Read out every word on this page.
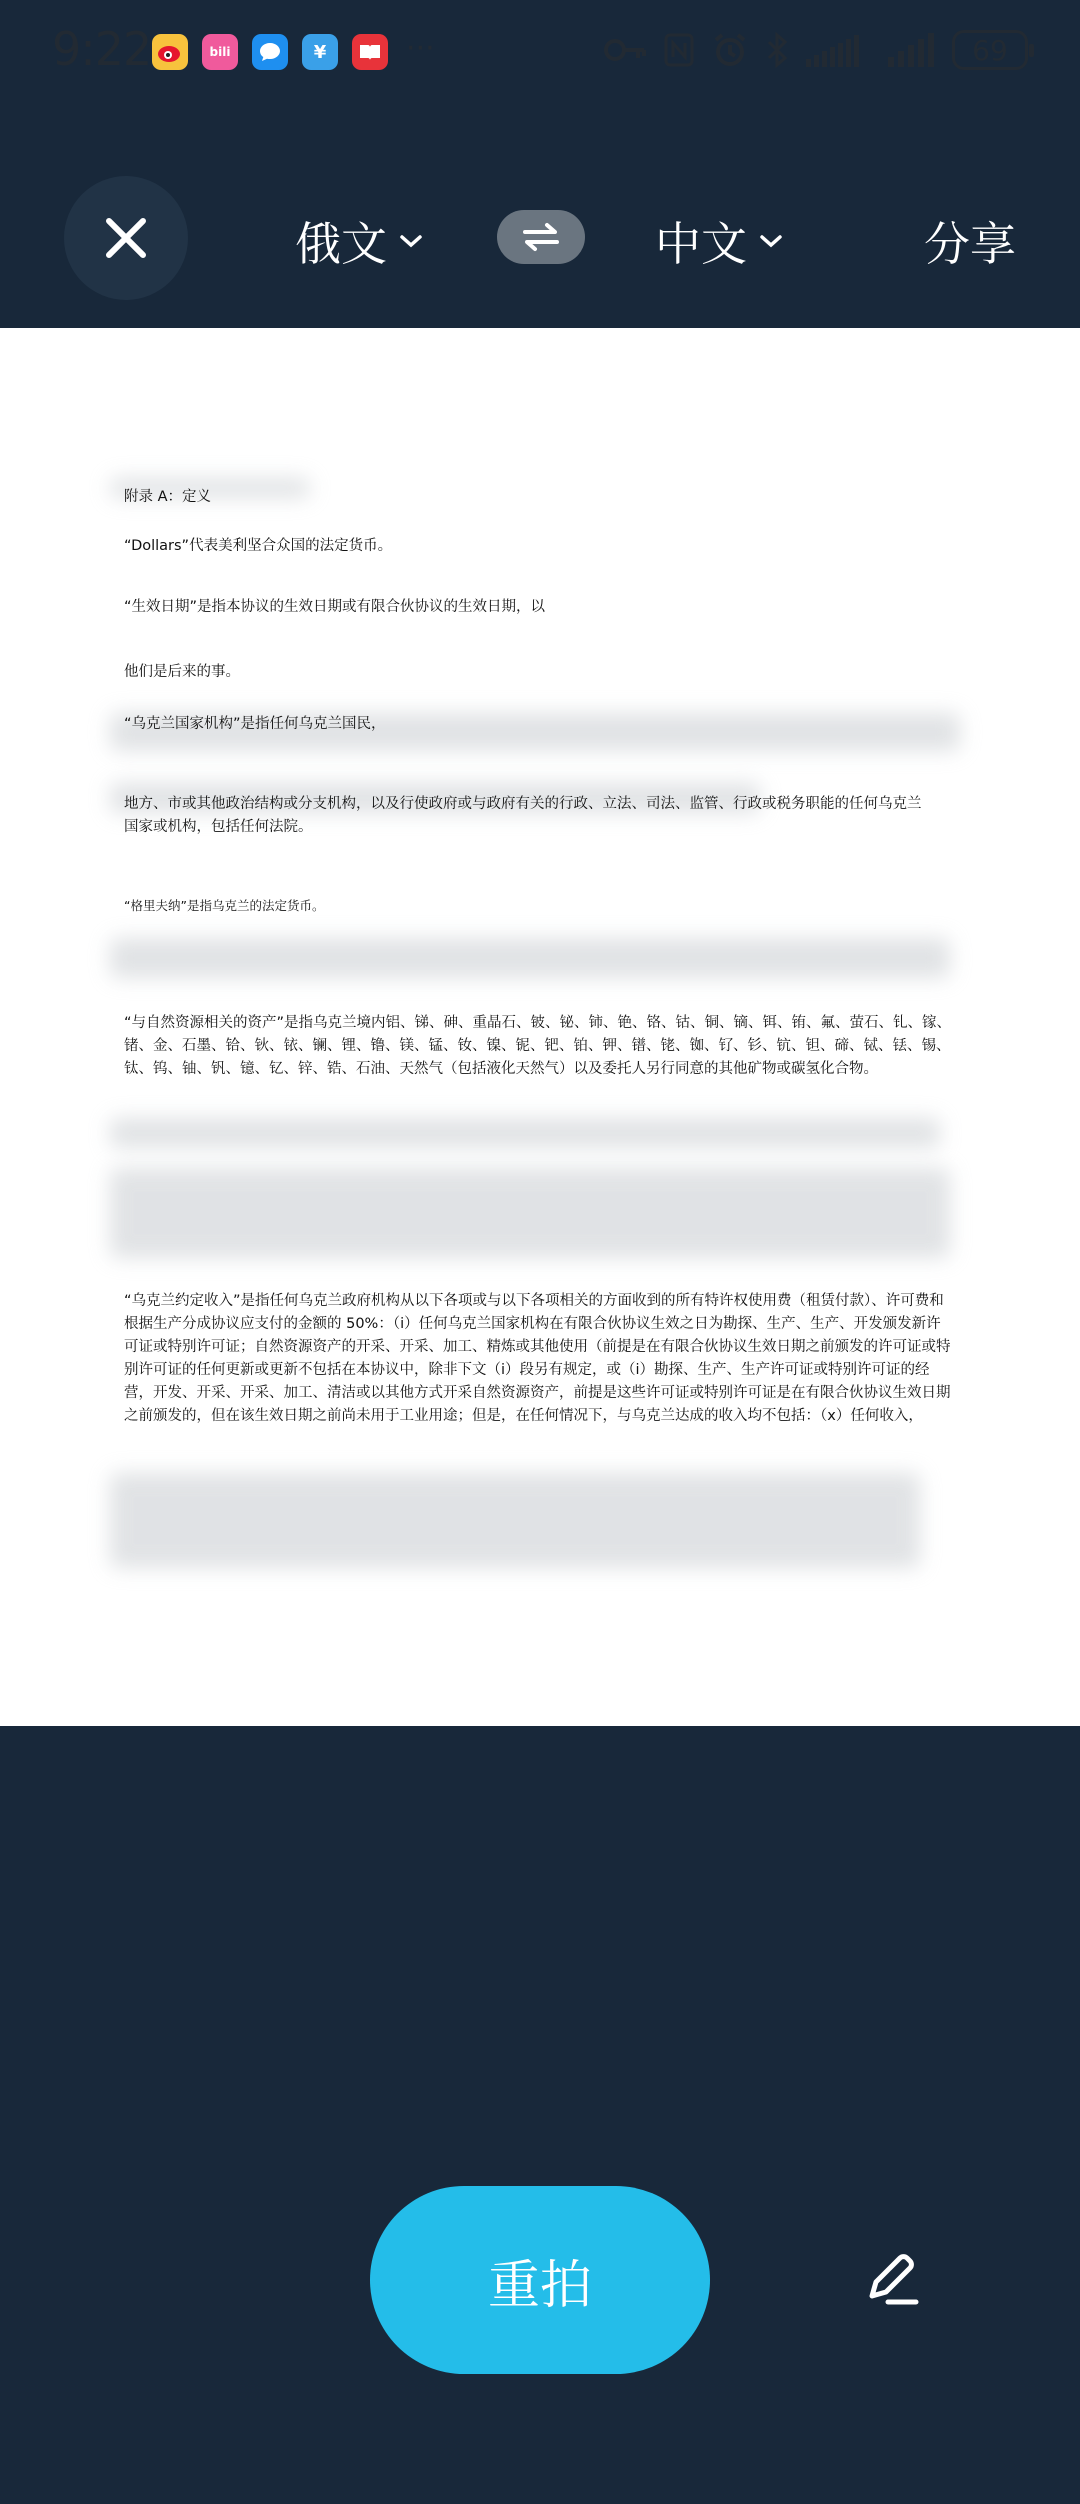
9:22	bili	¥	···	69
俄文	中文	分享

附录 A：定义

“Dollars”代表美利坚合众国的法定货币。

“生效日期”是指本协议的生效日期或有限合伙协议的生效日期，以

他们是后来的事。

“乌克兰国家机构”是指任何乌克兰国民，

地方、市或其他政治结构或分支机构，以及行使政府或与政府有关的行政、立法、司法、监管、行政或税务职能的任何乌克兰国家或机构，包括任何法院。

“格里夫纳”是指乌克兰的法定货币。

“与自然资源相关的资产”是指乌克兰境内铝、锑、砷、重晶石、铍、铋、铈、铯、铬、钴、铜、镝、铒、铕、氟、萤石、钆、镓、锗、金、石墨、铪、钬、铱、镧、锂、镥、镁、锰、钕、镍、铌、钯、铂、钾、镨、铑、铷、钌、钐、钪、钽、碲、铽、铥、锡、钛、钨、铀、钒、镱、钇、锌、锆、石油、天然气（包括液化天然气）以及委托人另行同意的其他矿物或碳氢化合物。

“乌克兰约定收入”是指任何乌克兰政府机构从以下各项或与以下各项相关的方面收到的所有特许权使用费（租赁付款）、许可费和根据生产分成协议应支付的金额的 50%：（i）任何乌克兰国家机构在有限合伙协议生效之日为勘探、生产、生产、开发颁发新许可证或特别许可证；自然资源资产的开采、开采、加工、精炼或其他使用（前提是在有限合伙协议生效日期之前颁发的许可证或特别许可证的任何更新或更新不包括在本协议中，除非下文（i）段另有规定，或（i）勘探、生产、生产许可证或特别许可证的经营，开发、开采、开采、加工、清洁或以其他方式开采自然资源资产，前提是这些许可证或特别许可证是在有限合伙协议生效日期之前颁发的，但在该生效日期之前尚未用于工业用途；但是，在任何情况下，与乌克兰达成的收入均不包括：（x）任何收入，

重拍
